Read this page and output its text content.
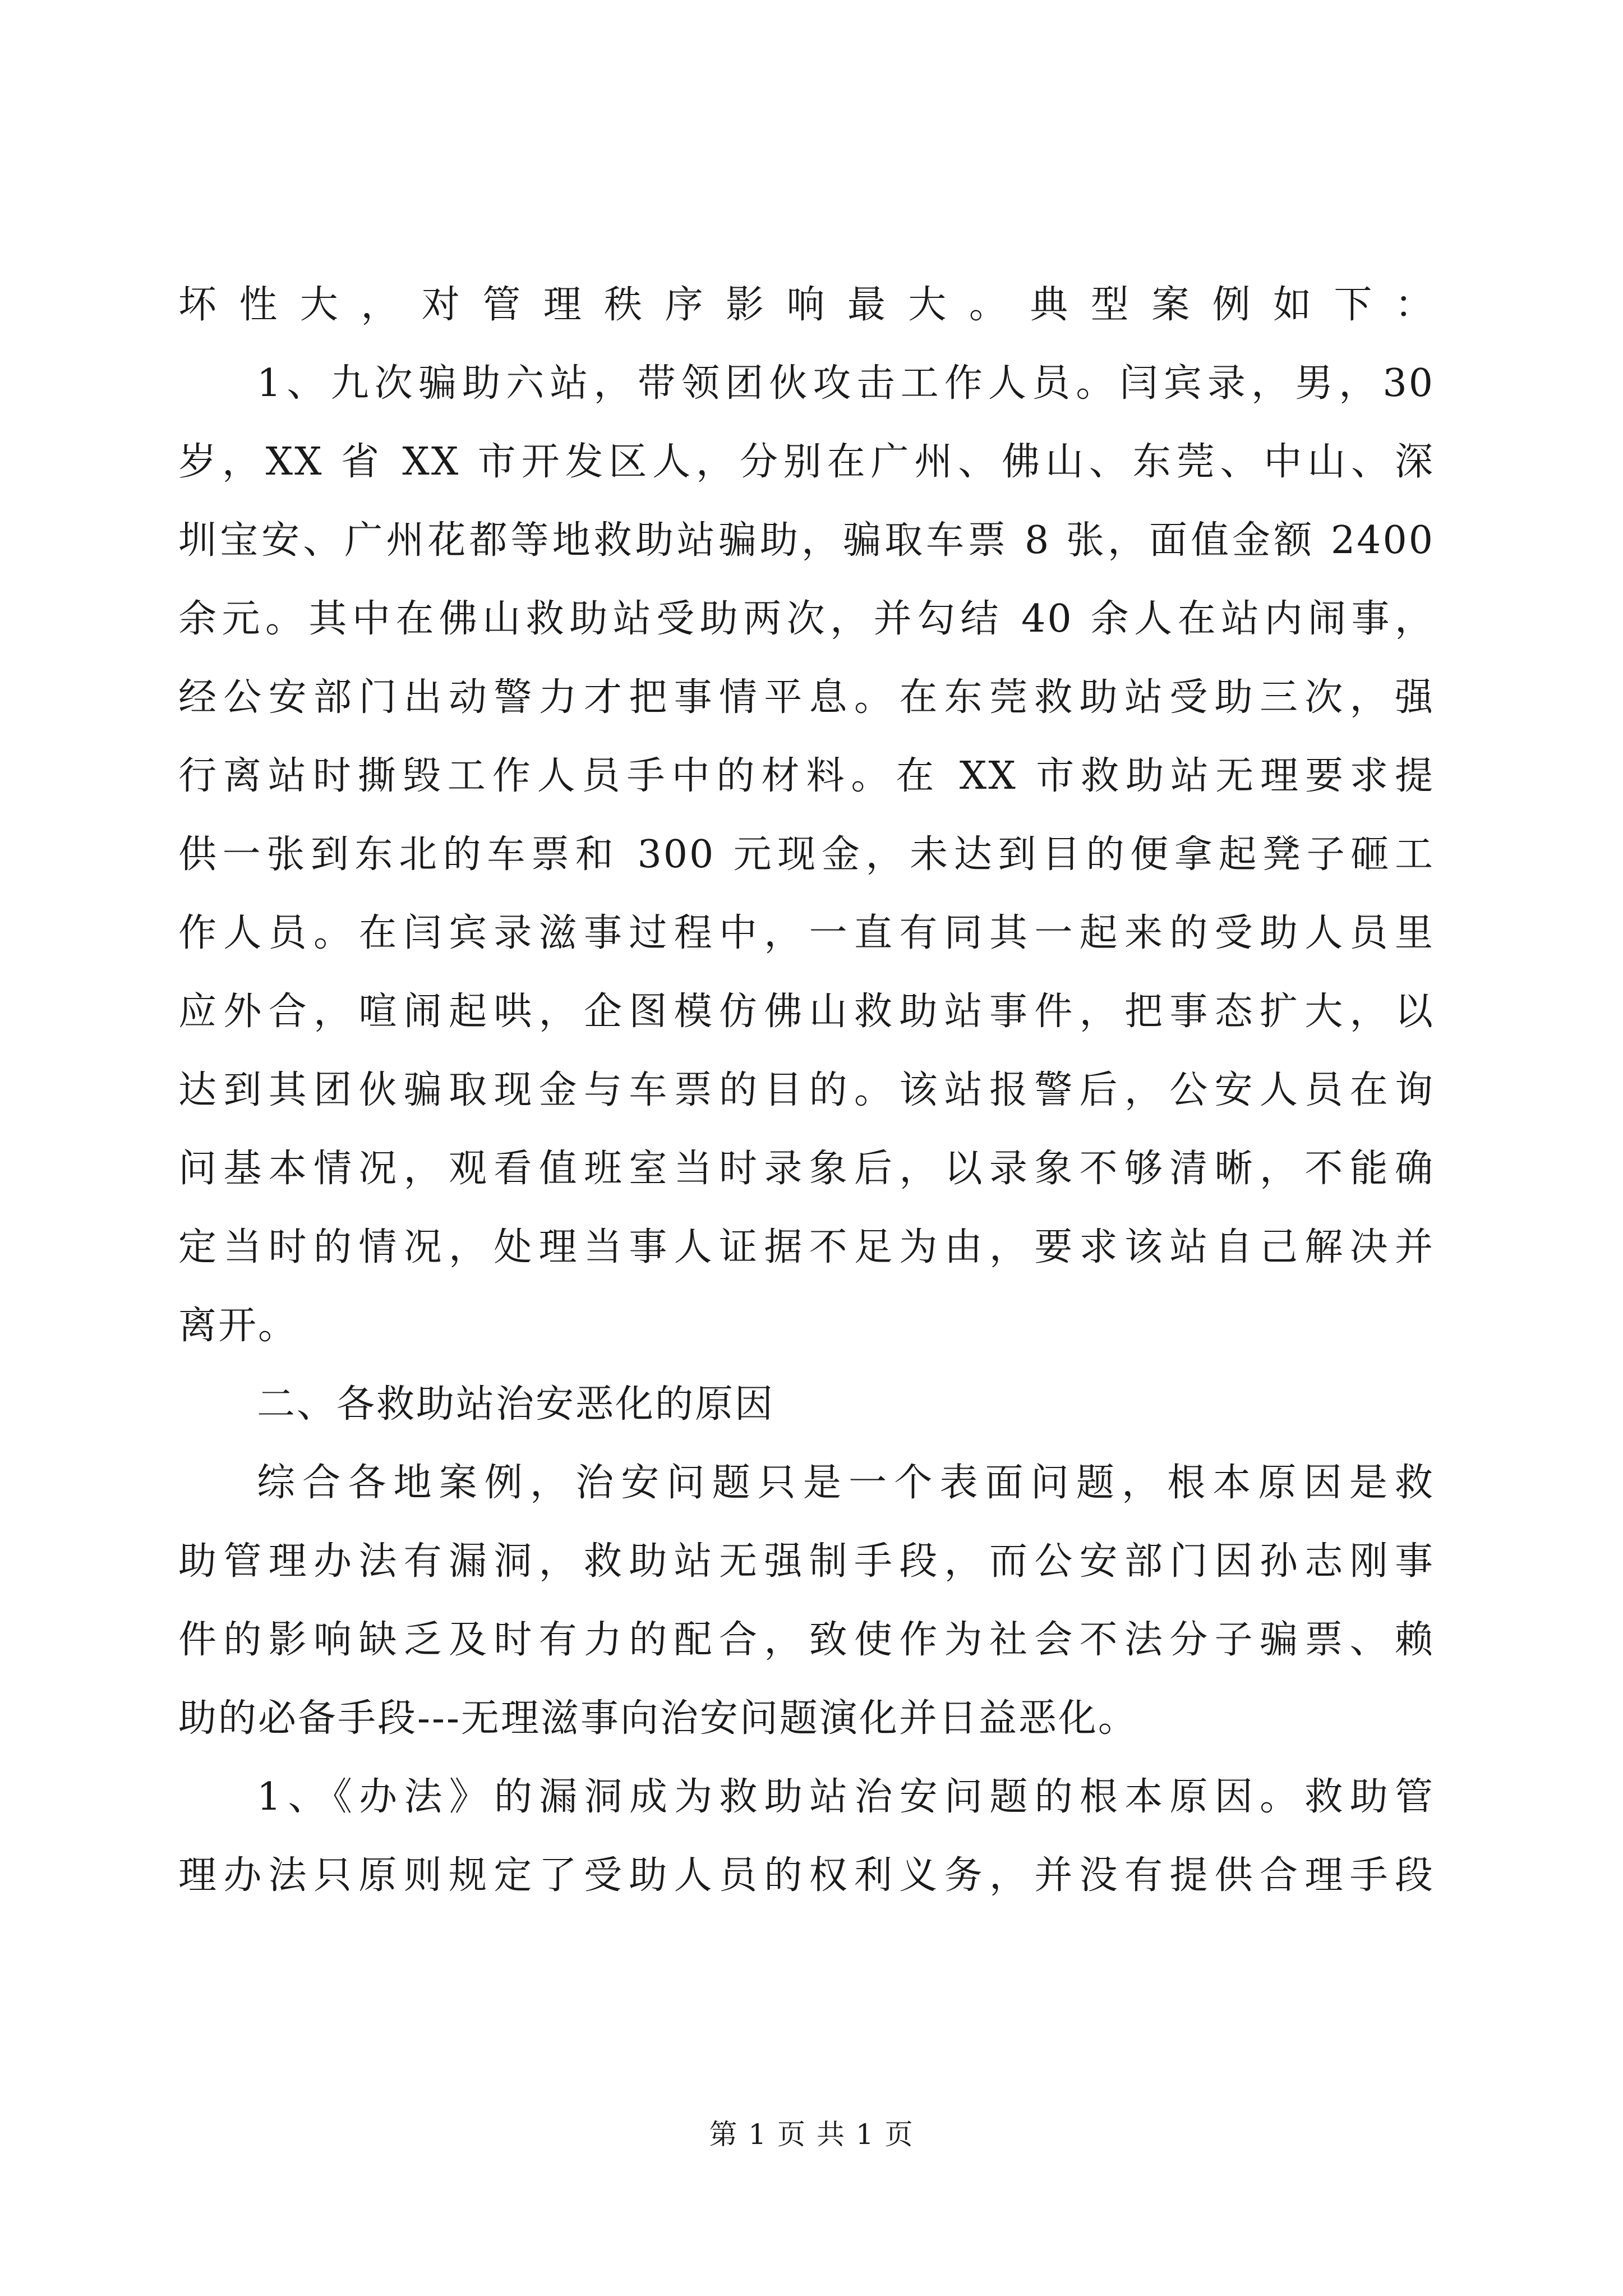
坏性大，对管理秩序影响最大。典型案例如下：
1、九次骗助六站，带领团伙攻击工作人员。闫宾录，男，30
岁，XX 省 XX 市开发区人，分别在广州、佛山、东莞、中山、深
圳宝安、广州花都等地救助站骗助，骗取车票 8 张，面值金额 2400
余元。其中在佛山救助站受助两次，并勾结 40 余人在站内闹事，
经公安部门出动警力才把事情平息。在东莞救助站受助三次，强
行离站时撕毁工作人员手中的材料。在 XX 市救助站无理要求提
供一张到东北的车票和 300 元现金，未达到目的便拿起凳子砸工
作人员。在闫宾录滋事过程中，一直有同其一起来的受助人员里
应外合，喧闹起哄，企图模仿佛山救助站事件，把事态扩大，以
达到其团伙骗取现金与车票的目的。该站报警后，公安人员在询
问基本情况，观看值班室当时录象后，以录象不够清晰，不能确
定当时的情况，处理当事人证据不足为由，要求该站自己解决并
离开。
二、各救助站治安恶化的原因
综合各地案例，治安问题只是一个表面问题，根本原因是救
助管理办法有漏洞，救助站无强制手段，而公安部门因孙志刚事
件的影响缺乏及时有力的配合，致使作为社会不法分子骗票、赖
助的必备手段---无理滋事向治安问题演化并日益恶化。
1、《办法》的漏洞成为救助站治安问题的根本原因。救助管
理办法只原则规定了受助人员的权利义务，并没有提供合理手段
第 1 页 共 1 页
